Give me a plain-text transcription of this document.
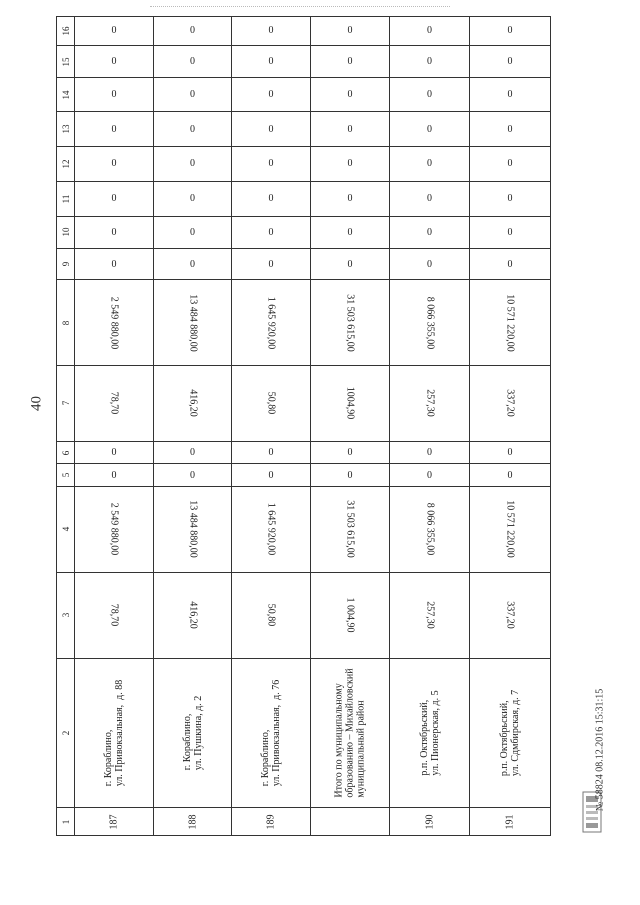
40
16	0	0	0	0	0	0

15	0	0	0	0	0	0

14	0	0	0	0	0	0

13	0	0	0	0	0	0

12	0	0	0	0	0	0

11	0	0	0	0	0	0

10	0	0	0	0	0	0

9	0	0	0	0	0	0

8	2 549 880,00	13 484 880,00	1 645 920,00	31 503 615,00	8 066 355,00	10 571 220,00

7	78,70	416,20	50,80	1004,90	257,30	337,20

6	0	0	0	0	0	0

5	0	0	0	0	0	0

4	2 549 880,00	13 484 880,00	1 645 920,00	31 503 615,00	8 066 355,00	10 571 220,00

3	78,70	416,20	50,80	1 004,90	257,30	337,20

2	г. Кораблино,
ул. Привокзальная,  д. 88	г. Кораблино,
ул. Пушкина, д. 2	г. Кораблино,
ул. Привокзальная,  д. 76	Итого по муниципальному
образованию – Михайловский
муниципальный район	р.п. Октябрьский,
ул. Пионерская, д. 5	р.п. Октябрьский,
ул. Сдмбирская, д. 7

1	187	188	189		190	191
№ 58824 08.12.2016 15:31:15
